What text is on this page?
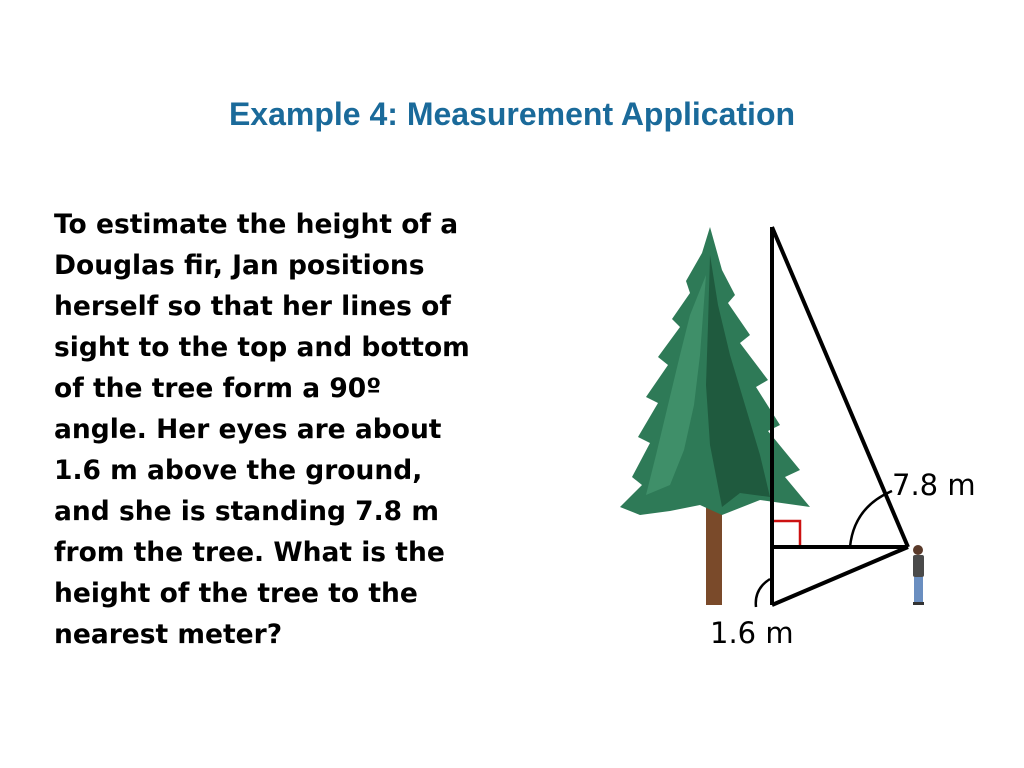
Example 4: Measurement Application

To estimate the height of a
Douglas fir, Jan positions
herself so that her lines of
sight to the top and bottom
of the tree form a 90º
angle. Her eyes are about
1.6 m above the ground,
and she is standing 7.8 m
from the tree. What is the
height of the tree to the
nearest meter?

7.8 m
1.6 m
